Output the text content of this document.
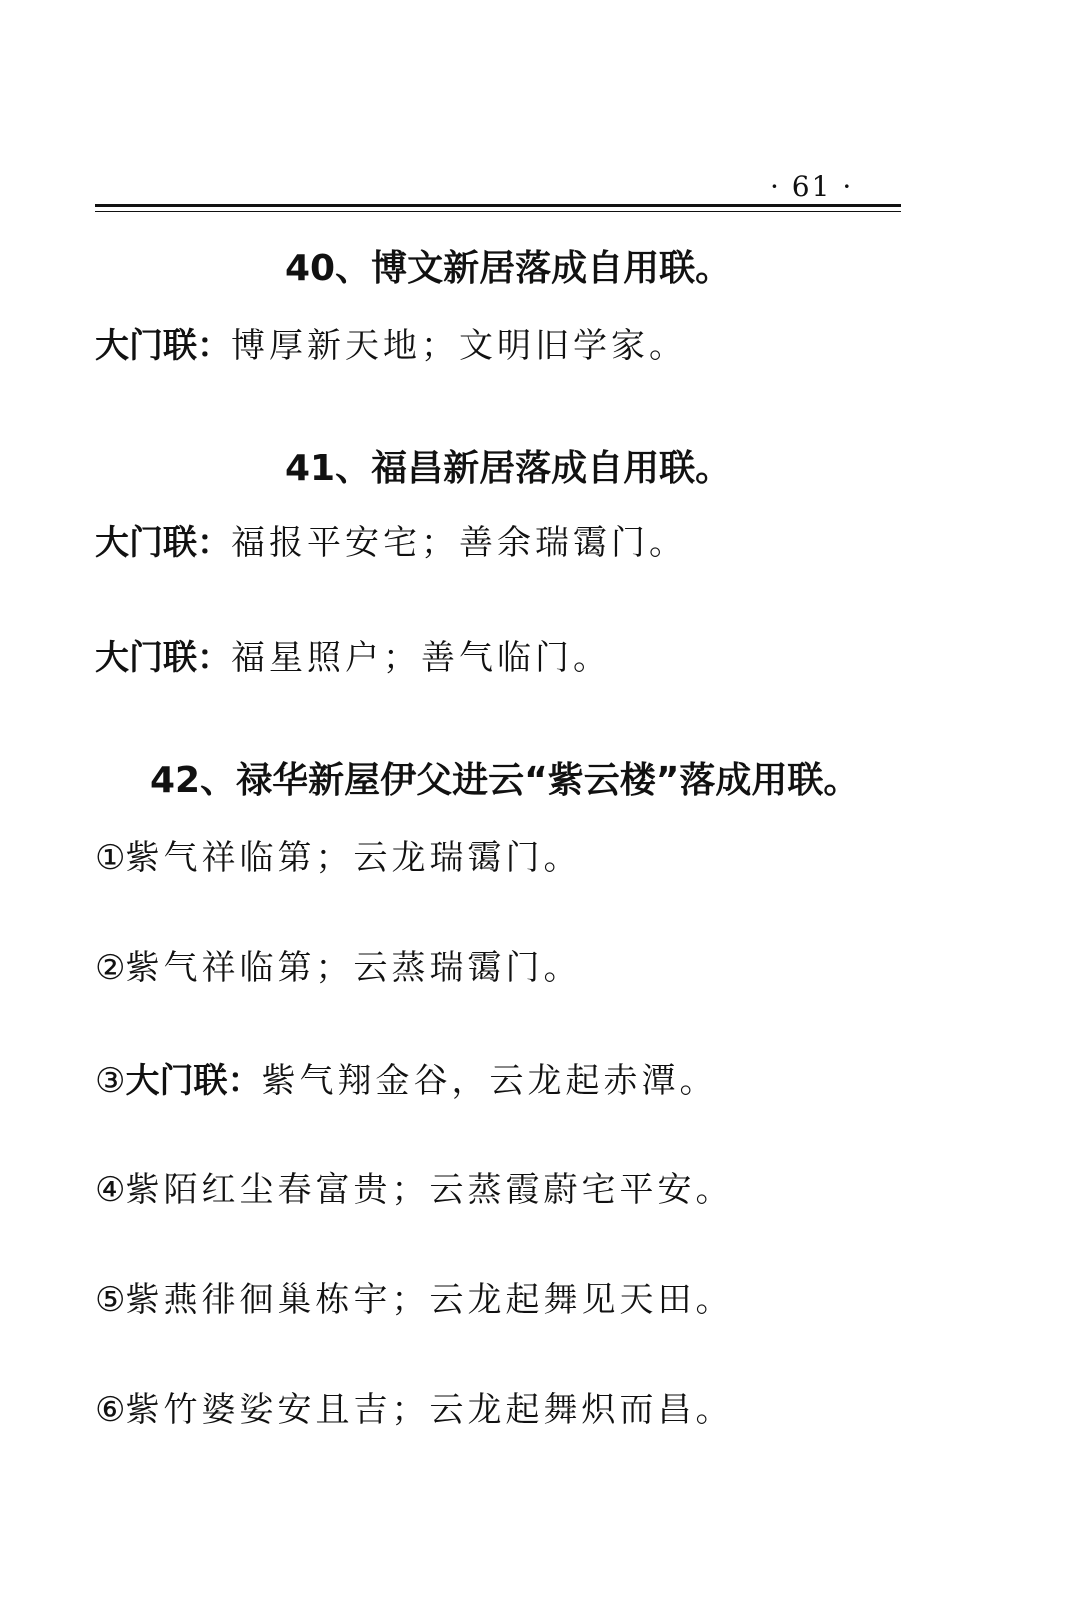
· 61 ·
40、博文新居落成自用联。
大门联：博厚新天地；文明旧学家。
41、福昌新居落成自用联。
大门联：福报平安宅；善余瑞霭门。
大门联：福星照户；善气临门。
42、禄华新屋伊父进云“紫云楼”落成用联。
①紫气祥临第；云龙瑞霭门。
②紫气祥临第；云蒸瑞霭门。
③大门联：紫气翔金谷，云龙起赤潭。
④紫陌红尘春富贵；云蒸霞蔚宅平安。
⑤紫燕徘徊巢栋宇；云龙起舞见天田。
⑥紫竹婆娑安且吉；云龙起舞炽而昌。
